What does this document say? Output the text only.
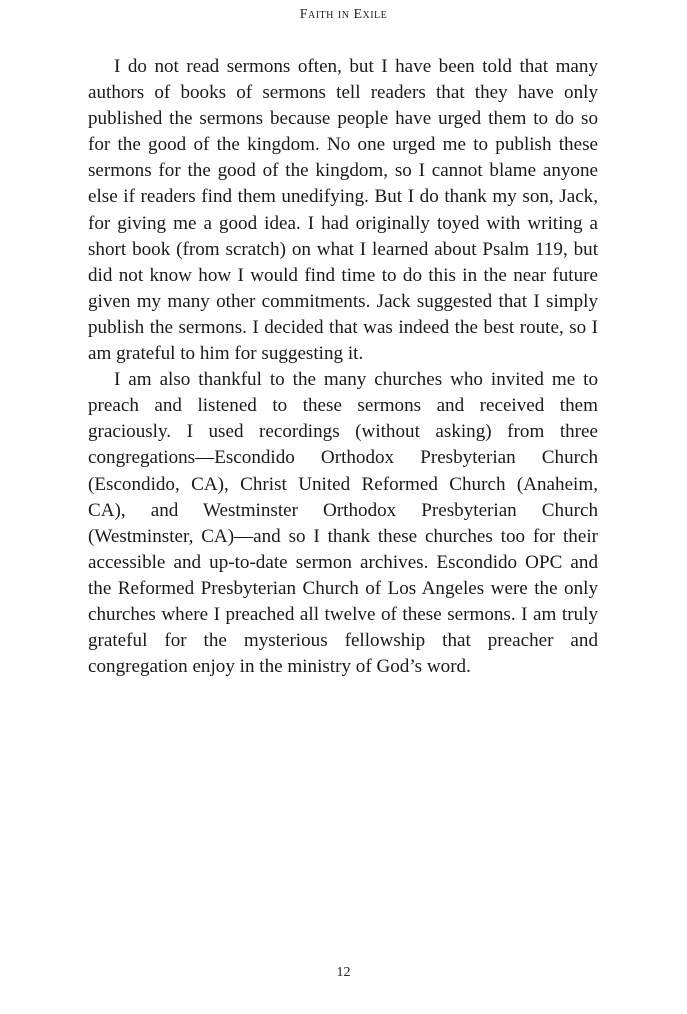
Faith in Exile

I do not read sermons often, but I have been told that many authors of books of sermons tell readers that they have only published the sermons because people have urged them to do so for the good of the kingdom. No one urged me to publish these sermons for the good of the kingdom, so I cannot blame anyone else if readers find them unedifying. But I do thank my son, Jack, for giving me a good idea. I had originally toyed with writing a short book (from scratch) on what I learned about Psalm 119, but did not know how I would find time to do this in the near future given my many other commitments. Jack suggested that I simply publish the sermons. I decided that was indeed the best route, so I am grateful to him for suggesting it.

I am also thankful to the many churches who invited me to preach and listened to these sermons and received them graciously. I used recordings (without asking) from three congregations—Escondido Orthodox Presbyterian Church (Escondido, CA), Christ United Reformed Church (Anaheim, CA), and Westminster Orthodox Presbyterian Church (Westminster, CA)—and so I thank these churches too for their accessible and up-to-date sermon archives. Escondido OPC and the Reformed Presbyterian Church of Los Angeles were the only churches where I preached all twelve of these sermons. I am truly grateful for the mysterious fellowship that preacher and congregation enjoy in the ministry of God’s word.

12
